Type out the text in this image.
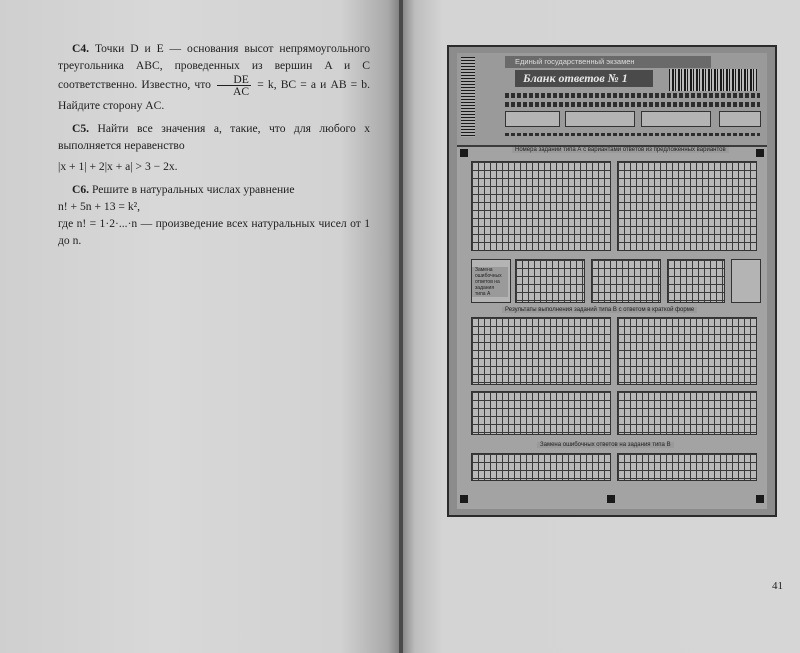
C4. Точки D и E — основания высот непрямоугольного треугольника ABC, проведенных из вершин A и C соответственно. Известно, что $\frac{DE}{AC} = k$, BC = a и AB = b. Найдите сторону AC.

C5. Найти все значения a, такие, что для любого x выполняется неравенство

|x + 1| + 2|x + a| > 3 − 2x.

C6. Решите в натуральных числах уравнение

n! + 5n + 13 = k²,

где n! = 1·2·...·n — произведение всех натуральных чисел от 1 до n.

41
Единый государственный экзамен
Бланк ответов № 1
Номера заданий типа А с вариантами ответов из предложенных вариантов
Замена ошибочных ответов на задания типа А
Результаты выполнения заданий типа В с ответом в краткой форме
Замена ошибочных ответов на задания типа В
